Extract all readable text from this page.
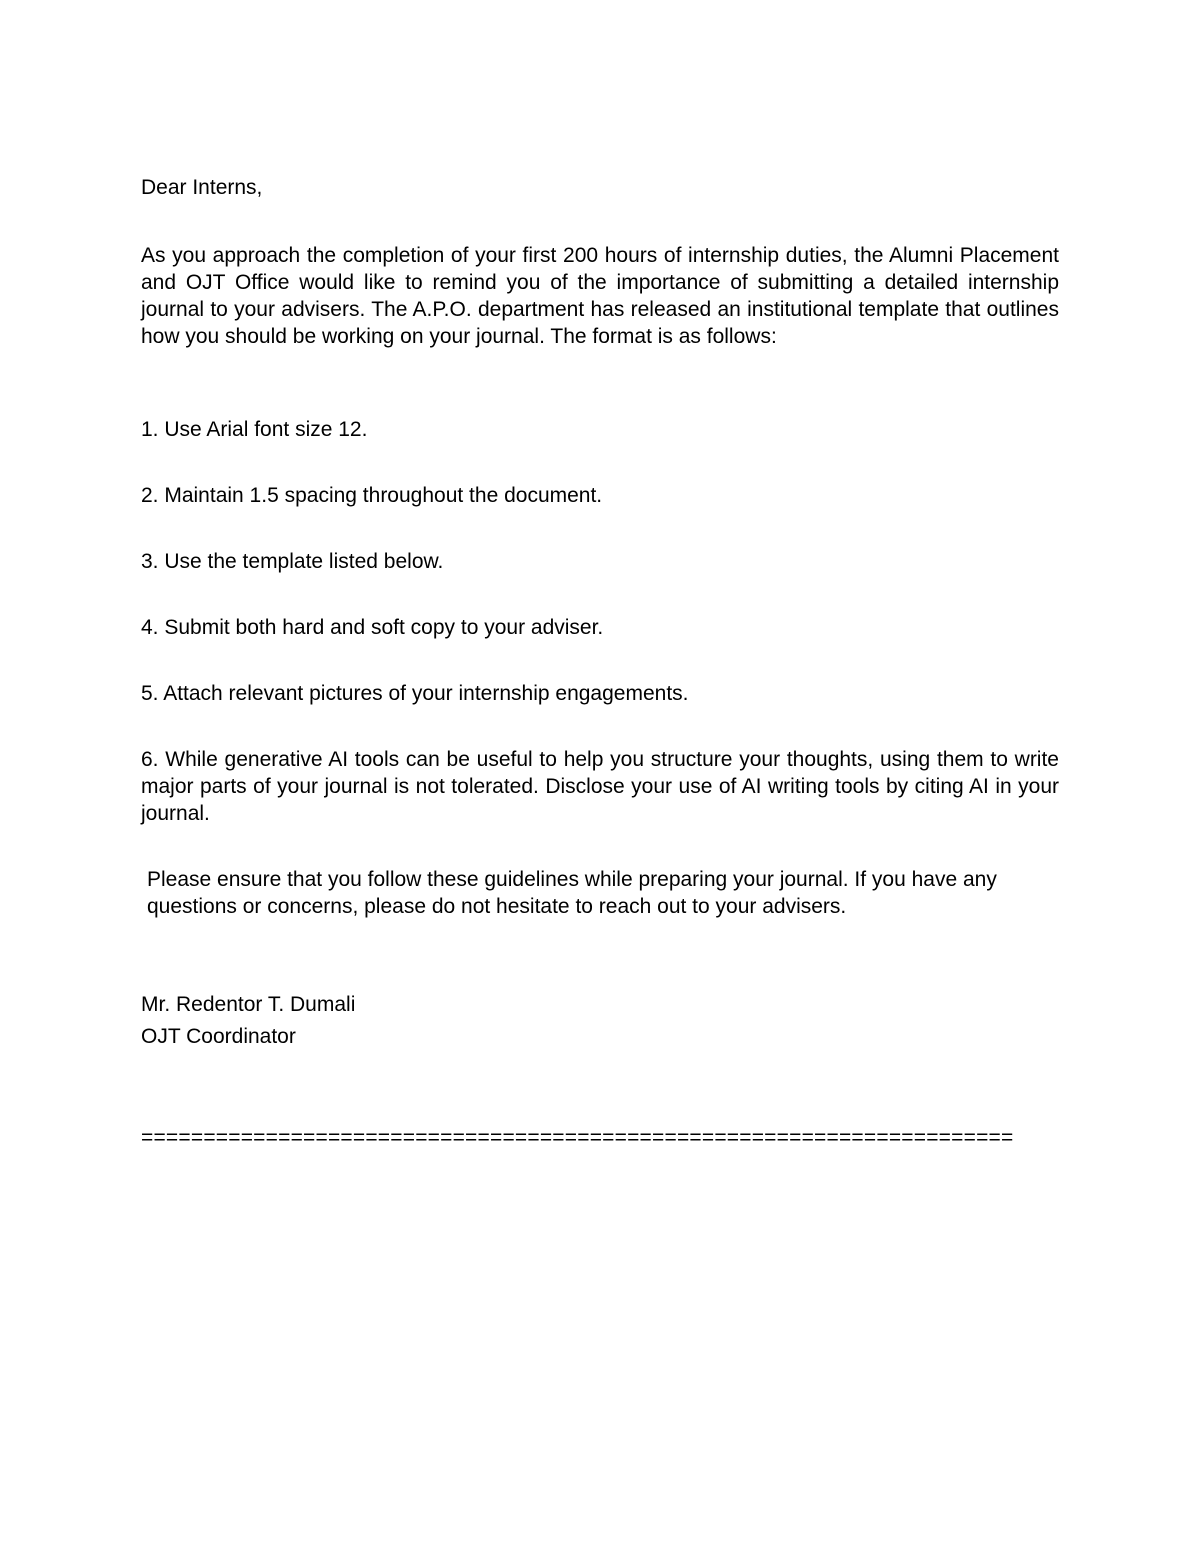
Dear Interns,

As you approach the completion of your first 200 hours of internship duties, the Alumni Placement and OJT Office would like to remind you of the importance of submitting a detailed internship journal to your advisers. The A.P.O. department has released an institutional template that outlines how you should be working on your journal. The format is as follows:

1. Use Arial font size 12.

2. Maintain 1.5 spacing throughout the document.

3. Use the template listed below.

4. Submit both hard and soft copy to your adviser.

5. Attach relevant pictures of your internship engagements.

6. While generative AI tools can be useful to help you structure your thoughts, using them to write major parts of your journal is not tolerated. Disclose your use of AI writing tools by citing AI in your journal.

Please ensure that you follow these guidelines while preparing your journal. If you have any questions or concerns, please do not hesitate to reach out to your advisers.

Mr. Redentor T. Dumali

OJT Coordinator

======================================================================
